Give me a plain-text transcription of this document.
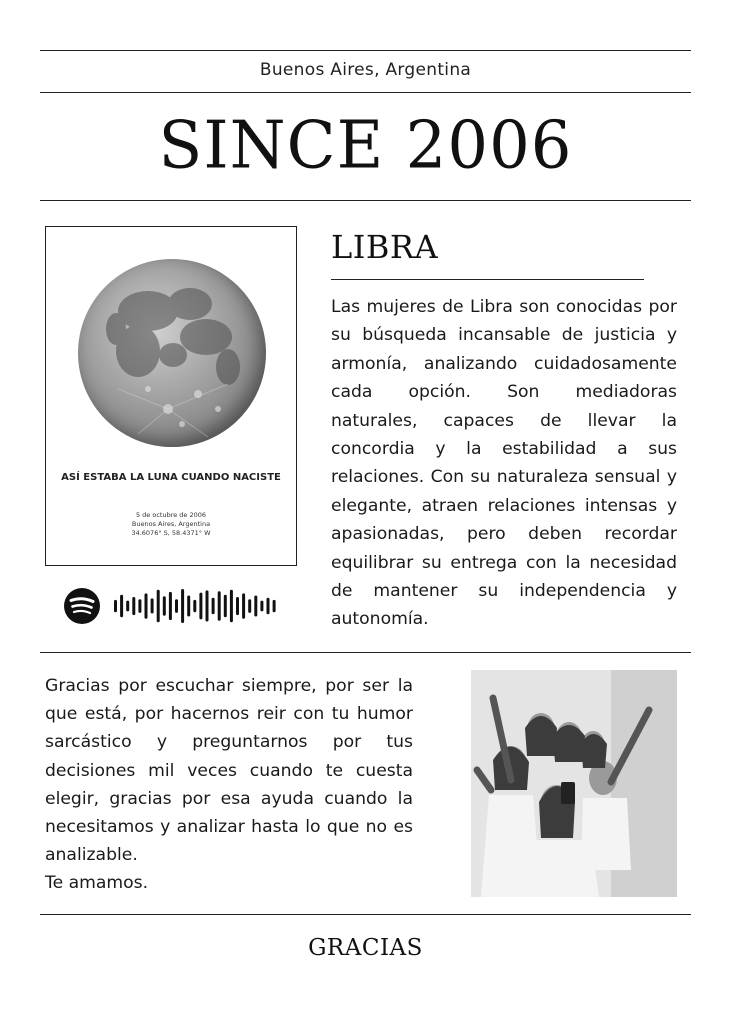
Buenos Aires, Argentina
SINCE 2006
ASÍ ESTABA LA LUNA CUANDO NACISTE
5 de octubre de 2006
Buenos Aires, Argentina
34.6076° S, 58.4371° W
LIBRA
Las mujeres de Libra son conocidas por su búsqueda incansable de justicia y armonía, analizando cuidadosamente cada opción. Son mediadoras naturales, capaces de llevar la concordia y la estabilidad a sus relaciones. Con su naturaleza sensual y elegante, atraen relaciones intensas y apasionadas, pero deben recordar equilibrar su entrega con la necesidad de mantener su independencia y autonomía.
Gracias por escuchar siempre, por ser la que está, por hacernos reir con tu humor sarcástico y preguntarnos por tus decisiones mil veces cuando te cuesta elegir, gracias por esa ayuda cuando la necesitamos y analizar hasta lo que no es analizable.
Te amamos.
GRACIAS
